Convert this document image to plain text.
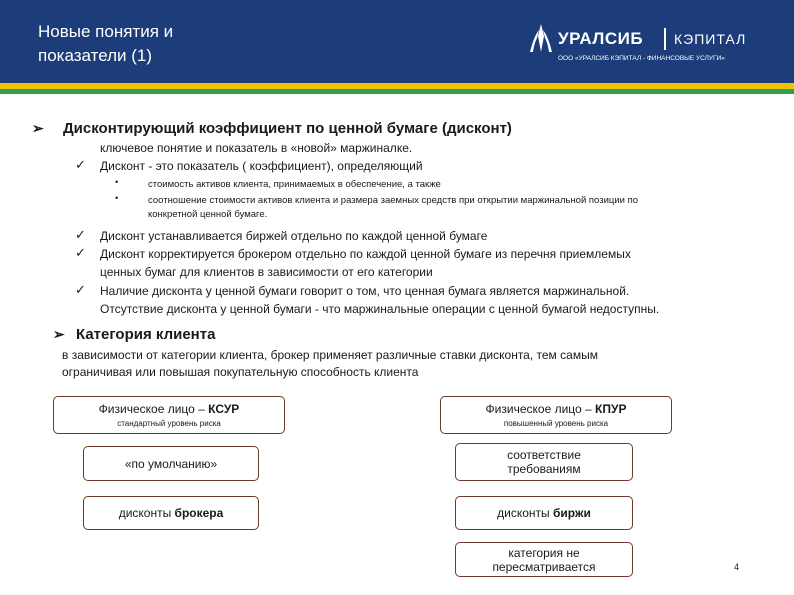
Новые понятия и
показатели (1)
УРАЛСИБ КЭПИТАЛ
ООО «УРАЛСИБ КЭПИТАЛ - ФИНАНСОВЫЕ УСЛУГИ»
➢ Дисконтирующий коэффициент по ценной бумаге (дисконт)
ключевое понятие и показатель в «новой» маржиналке.
✓ Дисконт - это показатель ( коэффициент), определяющий
•	стоимость активов клиента, принимаемых в обеспечение, а также
•	соотношение стоимости активов клиента и размера заемных средств при открытии маржинальной позиции по
конкретной ценной бумаге.
✓ Дисконт устанавливается биржей отдельно по каждой ценной бумаге
✓ Дисконт корректируется брокером отдельно по каждой ценной бумаге из перечня приемлемых
ценных бумаг для клиентов в зависимости от его категории
✓ Наличие дисконта у ценной бумаги говорит о том, что ценная бумага является маржинальной.
Отсутствие дисконта у ценной бумаги - что маржинальные операции с ценной бумагой недоступны.
➢ Категория клиента
в зависимости от категории клиента, брокер применяет различные ставки дисконта, тем самым
ограничивая или повышая покупательную способность клиента
Физическое лицо – КСУР
стандартный уровень риска
Физическое лицо – КПУР
повышенный уровень риска
«по умолчанию»
соответствие
требованиям
дисконты брокера	дисконты биржи
категория не
пересматривается	4
